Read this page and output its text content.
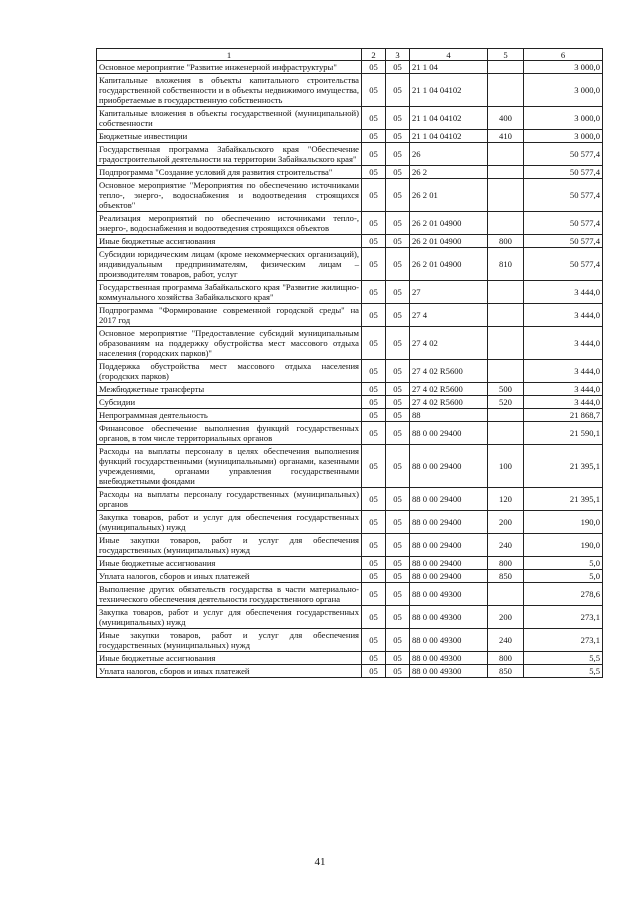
1	2	3	4	5	6
Основное мероприятие "Развитие инженерной инфраструктуры"	05	05	21 1 04		3 000,0
Капитальные вложения в объекты капитального строительства государственной собственности и в объекты недвижимого имущества, приобретаемые в государственную собственность	05	05	21 1 04 04102		3 000,0
Капитальные вложения в объекты государственной (муниципальной) собственности	05	05	21 1 04 04102	400	3 000,0
Бюджетные инвестиции	05	05	21 1 04 04102	410	3 000,0
Государственная программа Забайкальского края "Обеспечение градостроительной деятельности на территории Забайкальского края"	05	05	26		50 577,4
Подпрограмма "Создание условий для развития строительства"	05	05	26 2		50 577,4
Основное мероприятие "Мероприятия по обеспечению источниками тепло-, энерго-, водоснабжения и водоотведения строящихся объектов"	05	05	26 2 01		50 577,4
Реализация мероприятий по обеспечению источниками тепло-, энерго-, водоснабжения и водоотведения строящихся объектов	05	05	26 2 01 04900		50 577,4
Иные бюджетные ассигнования	05	05	26 2 01 04900	800	50 577,4
Субсидии юридическим лицам (кроме некоммерческих организаций), индивидуальным предпринимателям, физическим лицам – производителям товаров, работ, услуг	05	05	26 2 01 04900	810	50 577,4
Государственная программа Забайкальского края "Развитие жилищно-коммунального хозяйства Забайкальского края"	05	05	27		3 444,0
Подпрограмма "Формирование современной городской среды" на 2017 год	05	05	27 4		3 444,0
Основное мероприятие "Предоставление субсидий муниципальным образованиям на поддержку обустройства мест массового отдыха населения (городских парков)"	05	05	27 4 02		3 444,0
Поддержка обустройства мест массового отдыха населения (городских парков)	05	05	27 4 02 R5600		3 444,0
Межбюджетные трансферты	05	05	27 4 02 R5600	500	3 444,0
Субсидии	05	05	27 4 02 R5600	520	3 444,0
Непрограммная деятельность	05	05	88		21 868,7
Финансовое обеспечение выполнения функций государственных органов, в том числе территориальных органов	05	05	88 0 00 29400		21 590,1
Расходы на выплаты персоналу в целях обеспечения выполнения функций государственными (муниципальными) органами, казенными учреждениями, органами управления государственными внебюджетными фондами	05	05	88 0 00 29400	100	21 395,1
Расходы на выплаты персоналу государственных (муниципальных) органов	05	05	88 0 00 29400	120	21 395,1
Закупка товаров, работ и услуг для обеспечения государственных (муниципальных) нужд	05	05	88 0 00 29400	200	190,0
Иные закупки товаров, работ и услуг для обеспечения государственных (муниципальных) нужд	05	05	88 0 00 29400	240	190,0
Иные бюджетные ассигнования	05	05	88 0 00 29400	800	5,0
Уплата налогов, сборов и иных платежей	05	05	88 0 00 29400	850	5,0
Выполнение других обязательств государства в части материально-технического обеспечения деятельности государственного органа	05	05	88 0 00 49300		278,6
Закупка товаров, работ и услуг для обеспечения государственных (муниципальных) нужд	05	05	88 0 00 49300	200	273,1
Иные закупки товаров, работ и услуг для обеспечения государственных (муниципальных) нужд	05	05	88 0 00 49300	240	273,1
Иные бюджетные ассигнования	05	05	88 0 00 49300	800	5,5
Уплата налогов, сборов и иных платежей	05	05	88 0 00 49300	850	5,5
41
